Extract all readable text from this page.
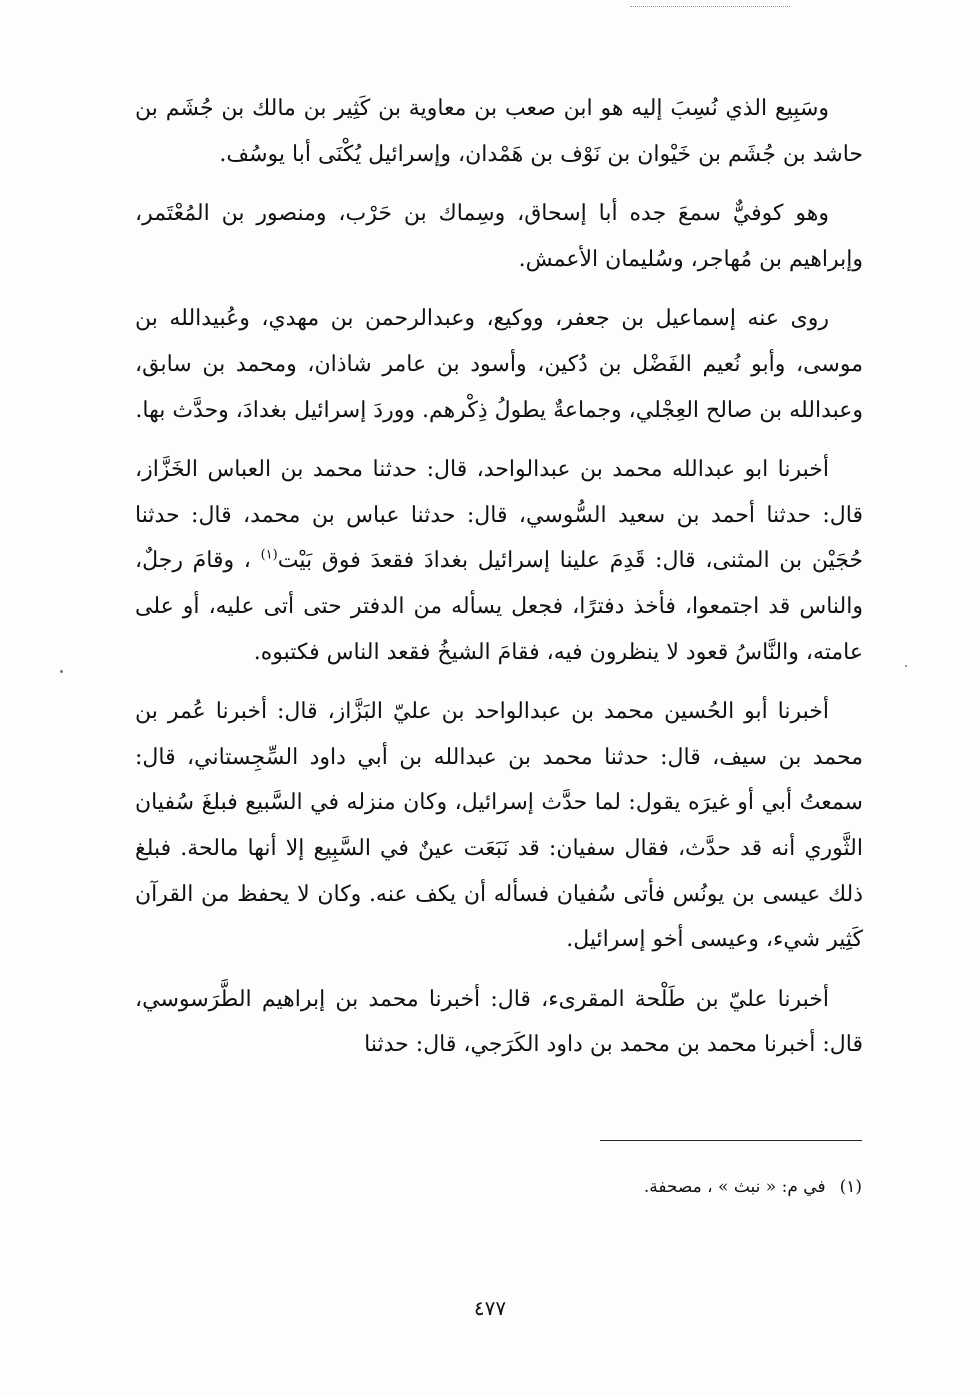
وسَبِيع الذي نُسِبَ إليه هو ابن صعب بن معاوية بن كَثِير بن مالك بن جُشَم بن حاشد بن جُشَم بن خَيْوان بن نَوْف بن هَمْدان، وإسرائيل يُكْنَى أبا يوسُف.

وهو كوفيٌّ سمعَ جده أبا إسحاق، وسِماك بن حَرْب، ومنصور بن المُعْتَمر، وإبراهيم بن مُهاجر، وسُليمان الأعمش.

روى عنه إسماعيل بن جعفر، ووكيع، وعبدالرحمن بن مهدي، وعُبيدالله بن موسى، وأبو نُعيم الفَضْل بن دُكين، وأسود بن عامر شاذان، ومحمد بن سابق، وعبدالله بن صالح العِجْلي، وجماعةٌ يطولُ ذِكْرهم. ووردَ إسرائيل بغدادَ، وحدَّث بها.

أخبرنا ابو عبدالله محمد بن عبدالواحد، قال: حدثنا محمد بن العباس الخَزَّاز، قال: حدثنا أحمد بن سعيد السُّوسي، قال: حدثنا عباس بن محمد، قال: حدثنا حُجَيْن بن المثنى، قال: قَدِمَ علينا إسرائيل بغدادَ فقعدَ فوق بَيْت$^{(١)}$ ، وقامَ رجلٌ، والناس قد اجتمعوا، فأخذ دفترًا، فجعل يسأله من الدفتر حتى أتى عليه، أو على عامته، والنَّاسُ قعود لا ينظرون فيه، فقامَ الشيخُ فقعد الناس فكتبوه.

أخبرنا أبو الحُسين محمد بن عبدالواحد بن عليّ البَزَّاز، قال: أخبرنا عُمر بن محمد بن سيف، قال: حدثنا محمد بن عبدالله بن أبي داود السِّجِستاني، قال: سمعتُ أبي أو غيرَه يقول: لما حدَّث إسرائيل، وكان منزله في السَّبيع فبلغَ سُفيان الثَّوري أنه قد حدَّث، فقال سفيان: قد نَبَعَت عينٌ في السَّبِيع إلا أنها مالحة. فبلغ ذلك عيسى بن يونُس فأتى سُفيان فسأله أن يكف عنه. وكان لا يحفظ من القرآن كَثِير شيء، وعيسى أخو إسرائيل.

أخبرنا عليّ بن طَلْحة المقرىء، قال: أخبرنا محمد بن إبراهيم الطَّرَسوسي، قال: أخبرنا محمد بن محمد بن داود الكَرَجي، قال: حدثنا

(١)في م: « نبث » ، مصحفة.
٤٧٧
